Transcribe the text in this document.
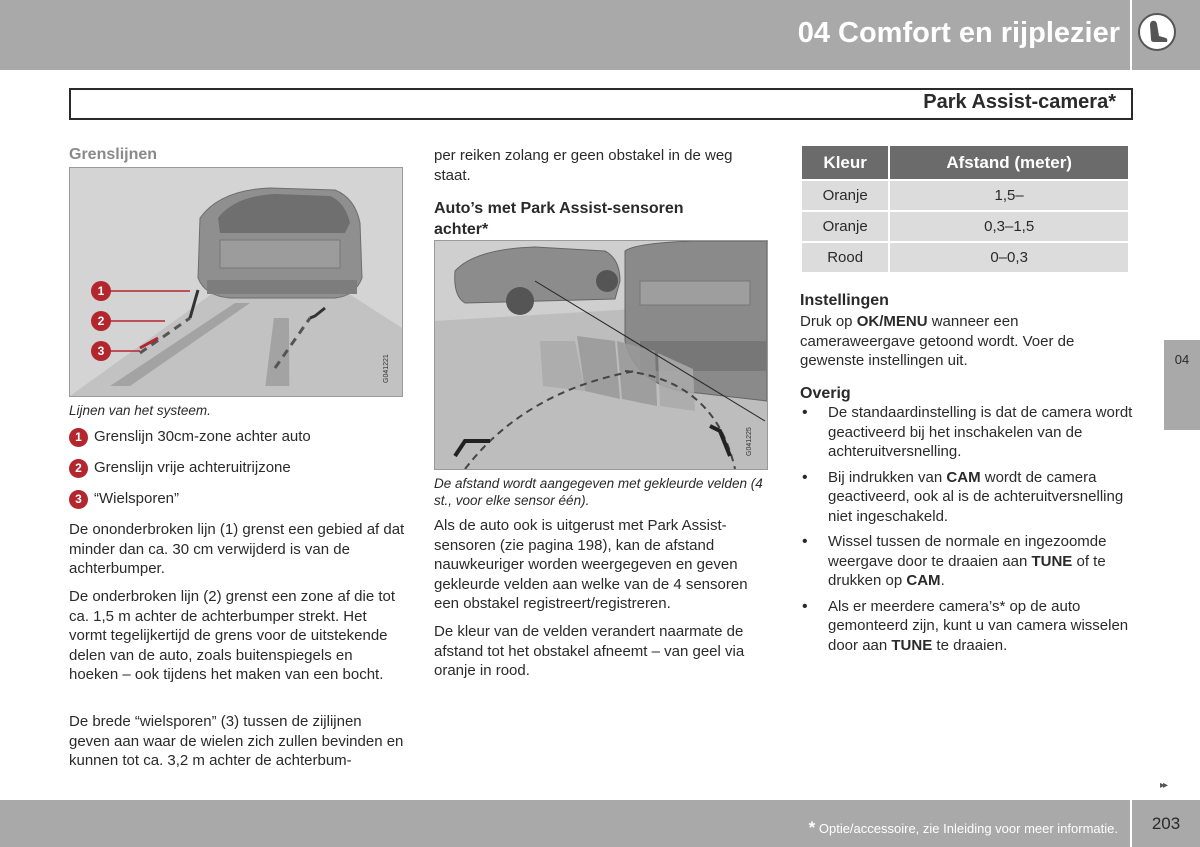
04 Comfort en rijplezier
Park Assist-camera*
04
Grenslijnen
1
2
3
G041221
Lijnen van het systeem.
1 Grenslijn 30cm-zone achter auto
2 Grenslijn vrije achteruitrijzone
3 “Wielsporen”
De ononderbroken lijn (1) grenst een gebied af dat minder dan ca. 30 cm verwijderd is van de achterbumper.
De onderbroken lijn (2) grenst een zone af die tot ca. 1,5 m achter de achterbumper strekt. Het vormt tegelijkertijd de grens voor de uitstekende delen van de auto, zoals buitenspiegels en hoeken – ook tijdens het maken van een bocht.
De brede “wielsporen” (3) tussen de zijlijnen geven aan waar de wielen zich zullen bevinden en kunnen tot ca. 3,2 m achter de achterbum-
per reiken zolang er geen obstakel in de weg staat.
Auto’s met Park Assist-sensoren achter*
G041225
De afstand wordt aangegeven met gekleurde velden (4 st., voor elke sensor één).
Als de auto ook is uitgerust met Park Assist-sensoren (zie pagina 198), kan de afstand nauwkeuriger worden weergegeven en geven gekleurde velden aan welke van de 4 sensoren een obstakel registreert/registreren.
De kleur van de velden verandert naarmate de afstand tot het obstakel afneemt – van geel via oranje in rood.
Kleur	Afstand (meter)
Oranje	1,5–
Oranje	0,3–1,5
Rood	0–0,3
Instellingen
Druk op OK/MENU wanneer een cameraweergave getoond wordt. Voer de gewenste instellingen uit.
Overig
• De standaardinstelling is dat de camera wordt geactiveerd bij het inschakelen van de achteruitversnelling.
• Bij indrukken van CAM wordt de camera geactiveerd, ook al is de achteruitversnelling niet ingeschakeld.
• Wissel tussen de normale en ingezoomde weergave door te draaien aan TUNE of te drukken op CAM.
• Als er meerdere camera’s* op de auto gemonteerd zijn, kunt u van camera wisselen door aan TUNE te draaien.
▸▸
* Optie/accessoire, zie Inleiding voor meer informatie.	203
